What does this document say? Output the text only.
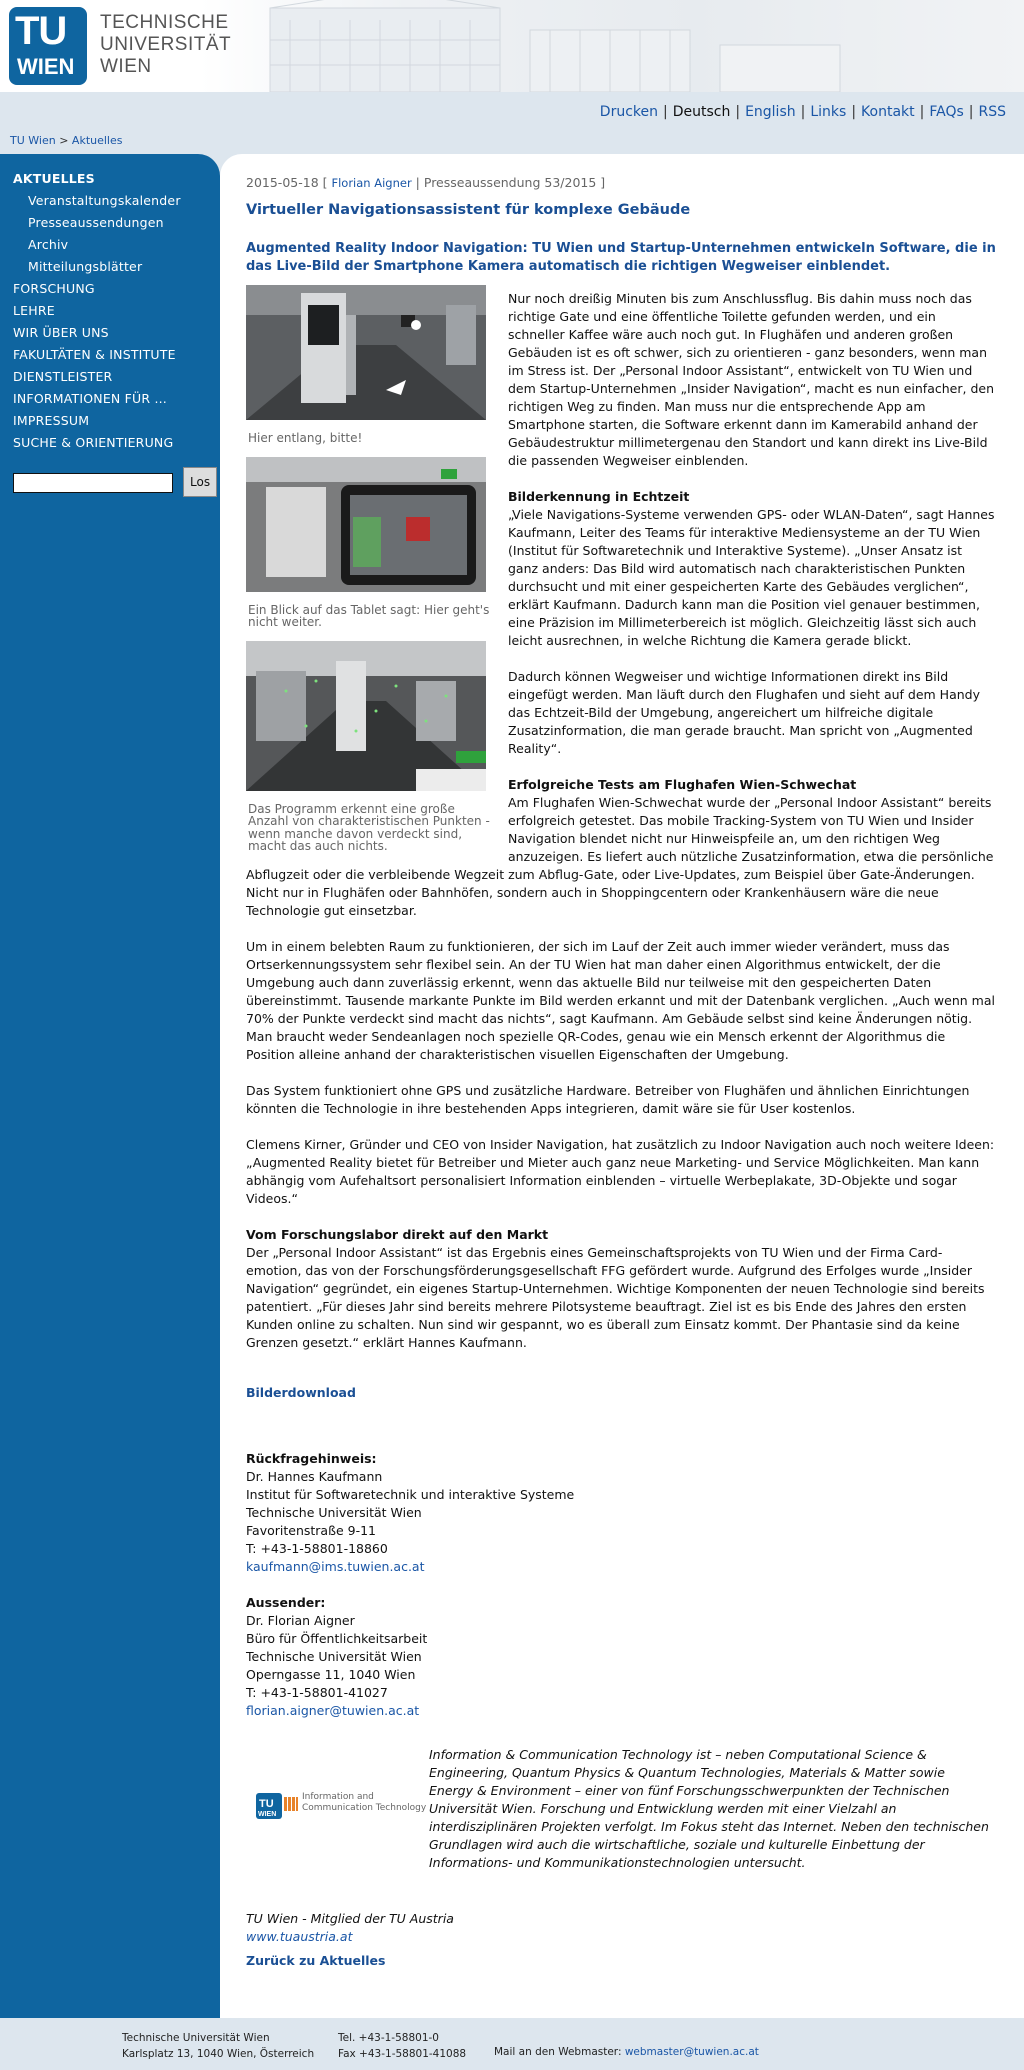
TU
WIEN
TECHNISCHE
UNIVERSITÄT
WIEN
Drucken | Deutsch | English | Links | Kontakt | FAQs | RSS
TU Wien > Aktuelles
AKTUELLES
Veranstaltungskalender
Presseaussendungen
Archiv
Mitteilungsblätter
FORSCHUNG
LEHRE
WIR ÜBER UNS
FAKULTÄTEN & INSTITUTE
DIENSTLEISTER
INFORMATIONEN FÜR ...
IMPRESSUM
SUCHE & ORIENTIERUNG
Los
2015-05-18 [ Florian Aigner | Presseaussendung 53/2015 ]
Virtueller Navigationsassistent für komplexe Gebäude
Augmented Reality Indoor Navigation: TU Wien und Startup-Unternehmen entwickeln Software, die in das Live-Bild der Smartphone Kamera automatisch die richtigen Wegweiser einblendet.
Hier entlang, bitte!
Ein Blick auf das Tablet sagt: Hier geht's nicht weiter.
Das Programm erkennt eine große Anzahl von charakteristischen Punkten - wenn manche davon verdeckt sind, macht das auch nichts.

Nur noch dreißig Minuten bis zum Anschlussflug. Bis dahin muss noch das richtige Gate und eine öffentliche Toilette gefunden werden, und ein schneller Kaffee wäre auch noch gut. In Flughäfen und anderen großen Gebäuden ist es oft schwer, sich zu orientieren - ganz besonders, wenn man im Stress ist. Der „Personal Indoor Assistant“, entwickelt von TU Wien und dem Startup-Unternehmen „Insider Navigation“, macht es nun einfacher, den richtigen Weg zu finden. Man muss nur die entsprechende App am Smartphone starten, die Software erkennt dann im Kamerabild anhand der Gebäudestruktur millimetergenau den Standort und kann direkt ins Live-Bild die passenden Wegweiser einblenden.

Bilderkennung in Echtzeit

„Viele Navigations-Systeme verwenden GPS- oder WLAN-Daten“, sagt Hannes Kaufmann, Leiter des Teams für interaktive Mediensysteme an der TU Wien (Institut für Softwaretechnik und Interaktive Systeme). „Unser Ansatz ist ganz anders: Das Bild wird automatisch nach charakteristischen Punkten durchsucht und mit einer gespeicherten Karte des Gebäudes verglichen“, erklärt Kaufmann. Dadurch kann man die Position viel genauer bestimmen, eine Präzision im Millimeterbereich ist möglich. Gleichzeitig lässt sich auch leicht ausrechnen, in welche Richtung die Kamera gerade blickt.

Dadurch können Wegweiser und wichtige Informationen direkt ins Bild eingefügt werden. Man läuft durch den Flughafen und sieht auf dem Handy das Echtzeit-Bild der Umgebung, angereichert um hilfreiche digitale Zusatzinformation, die man gerade braucht. Man spricht von „Augmented Reality“.

Erfolgreiche Tests am Flughafen Wien-Schwechat

Am Flughafen Wien-Schwechat wurde der „Personal Indoor Assistant“ bereits erfolgreich getestet. Das mobile Tracking-System von TU Wien und Insider Navigation blendet nicht nur Hinweispfeile an, um den richtigen Weg anzuzeigen. Es liefert auch nützliche Zusatzinformation, etwa die persönliche Abflugzeit oder die verbleibende Wegzeit zum Abflug-Gate, oder Live-Updates, zum Beispiel über Gate-Änderungen. Nicht nur in Flughäfen oder Bahnhöfen, sondern auch in Shoppingcentern oder Krankenhäusern wäre die neue Technologie gut einsetzbar.

Um in einem belebten Raum zu funktionieren, der sich im Lauf der Zeit auch immer wieder verändert, muss das Ortserkennungssystem sehr flexibel sein. An der TU Wien hat man daher einen Algorithmus entwickelt, der die Umgebung auch dann zuverlässig erkennt, wenn das aktuelle Bild nur teilweise mit den gespeicherten Daten übereinstimmt. Tausende markante Punkte im Bild werden erkannt und mit der Datenbank verglichen. „Auch wenn mal 70% der Punkte verdeckt sind macht das nichts“, sagt Kaufmann. Am Gebäude selbst sind keine Änderungen nötig. Man braucht weder Sendeanlagen noch spezielle QR-Codes, genau wie ein Mensch erkennt der Algorithmus die Position alleine anhand der charakteristischen visuellen Eigenschaften der Umgebung.

Das System funktioniert ohne GPS und zusätzliche Hardware. Betreiber von Flughäfen und ähnlichen Einrichtungen könnten die Technologie in ihre bestehenden Apps integrieren, damit wäre sie für User kostenlos.

Clemens Kirner, Gründer und CEO von Insider Navigation, hat zusätzlich zu Indoor Navigation auch noch weitere Ideen: „Augmented Reality bietet für Betreiber und Mieter auch ganz neue Marketing- und Service Möglichkeiten. Man kann abhängig vom Aufehaltsort personalisiert Information einblenden – virtuelle Werbeplakate, 3D-Objekte und sogar Videos.“

Vom Forschungslabor direkt auf den Markt

Der „Personal Indoor Assistant“ ist das Ergebnis eines Gemeinschaftsprojekts von TU Wien und der Firma Card-emotion, das von der Forschungsförderungsgesellschaft FFG gefördert wurde. Aufgrund des Erfolges wurde „Insider Navigation“ gegründet, ein eigenes Startup-Unternehmen. Wichtige Komponenten der neuen Technologie sind bereits patentiert. „Für dieses Jahr sind bereits mehrere Pilotsysteme beauftragt. Ziel ist es bis Ende des Jahres den ersten Kunden online zu schalten. Nun sind wir gespannt, wo es überall zum Einsatz kommt. Der Phantasie sind da keine Grenzen gesetzt.“ erklärt Hannes Kaufmann.

Bilderdownload
Rückfragehinweis:
Dr. Hannes Kaufmann
Institut für Softwaretechnik und interaktive Systeme
Technische Universität Wien
Favoritenstraße 9-11
T: +43-1-58801-18860
kaufmann@ims.tuwien.ac.at
Aussender:
Dr. Florian Aigner
Büro für Öffentlichkeitsarbeit
Technische Universität Wien
Operngasse 11, 1040 Wien
T: +43-1-58801-41027
florian.aigner@tuwien.ac.at
TU
WIEN
Information and
Communication Technology
Information & Communication Technology ist – neben Computational Science & Engineering, Quantum Physics & Quantum Technologies, Materials & Matter sowie Energy & Environment – einer von fünf Forschungsschwerpunkten der Technischen Universität Wien. Forschung und Entwicklung werden mit einer Vielzahl an interdisziplinären Projekten verfolgt. Im Fokus steht das Internet. Neben den technischen Grundlagen wird auch die wirtschaftliche, soziale und kulturelle Einbettung der Informations- und Kommunikationstechnologien untersucht.
TU Wien - Mitglied der TU Austria
www.tuaustria.at
Zurück zu Aktuelles
Technische Universität Wien
Karlsplatz 13, 1040 Wien, Österreich
Tel. +43-1-58801-0
Fax +43-1-58801-41088	Mail an den Webmaster: webmaster@tuwien.ac.at
